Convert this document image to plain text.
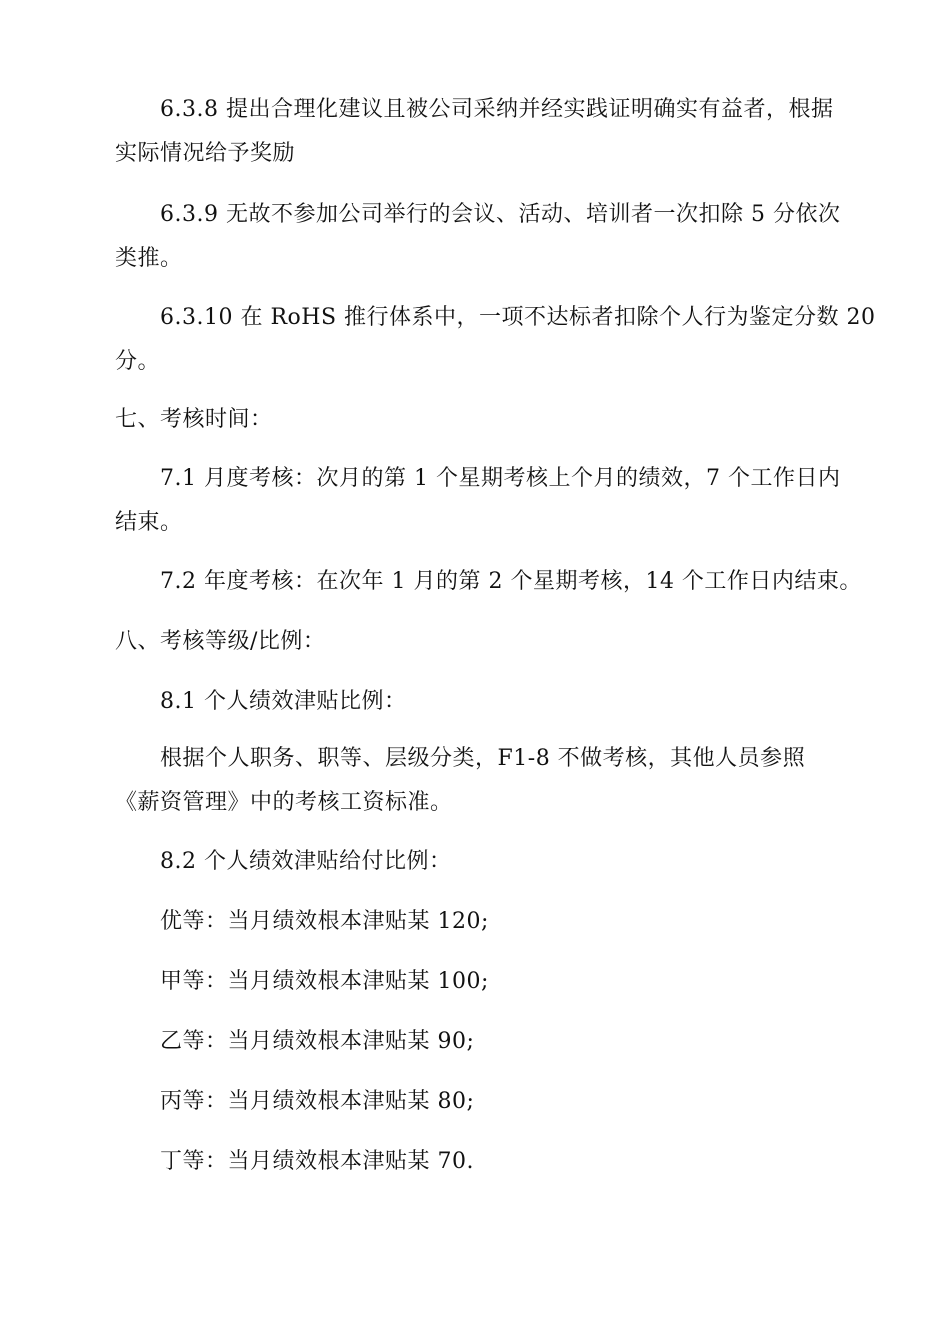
6.3.8 提出合理化建议且被公司采纳并经实践证明确实有益者，根据
实际情况给予奖励
6.3.9 无故不参加公司举行的会议、活动、培训者一次扣除 5 分依次
类推。
6.3.10 在 RoHS 推行体系中，一项不达标者扣除个人行为鉴定分数 20
分。
七、考核时间：
7.1 月度考核：次月的第 1 个星期考核上个月的绩效，7 个工作日内
结束。
7.2 年度考核：在次年 1 月的第 2 个星期考核，14 个工作日内结束。
八、考核等级/比例：
8.1 个人绩效津贴比例：
根据个人职务、职等、层级分类，F1-8 不做考核，其他人员参照
《薪资管理》中的考核工资标准。
8.2 个人绩效津贴给付比例：
优等：当月绩效根本津贴某 120;
甲等：当月绩效根本津贴某 100;
乙等：当月绩效根本津贴某 90;
丙等：当月绩效根本津贴某 80;
丁等：当月绩效根本津贴某 70.
